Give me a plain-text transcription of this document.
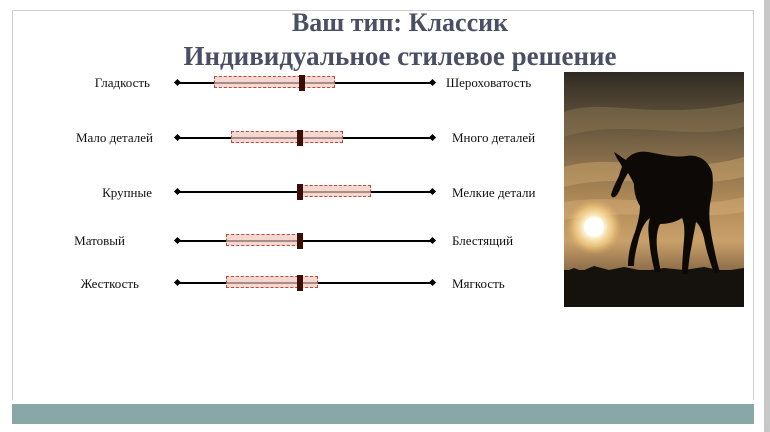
Ваш тип: Классик
Индивидуальное стилевое решение
Гладкость	Шероховатость
Мало деталей	Много деталей
Крупные	Мелкие детали
Матовый	Блестящий
Жесткость	Мягкость
